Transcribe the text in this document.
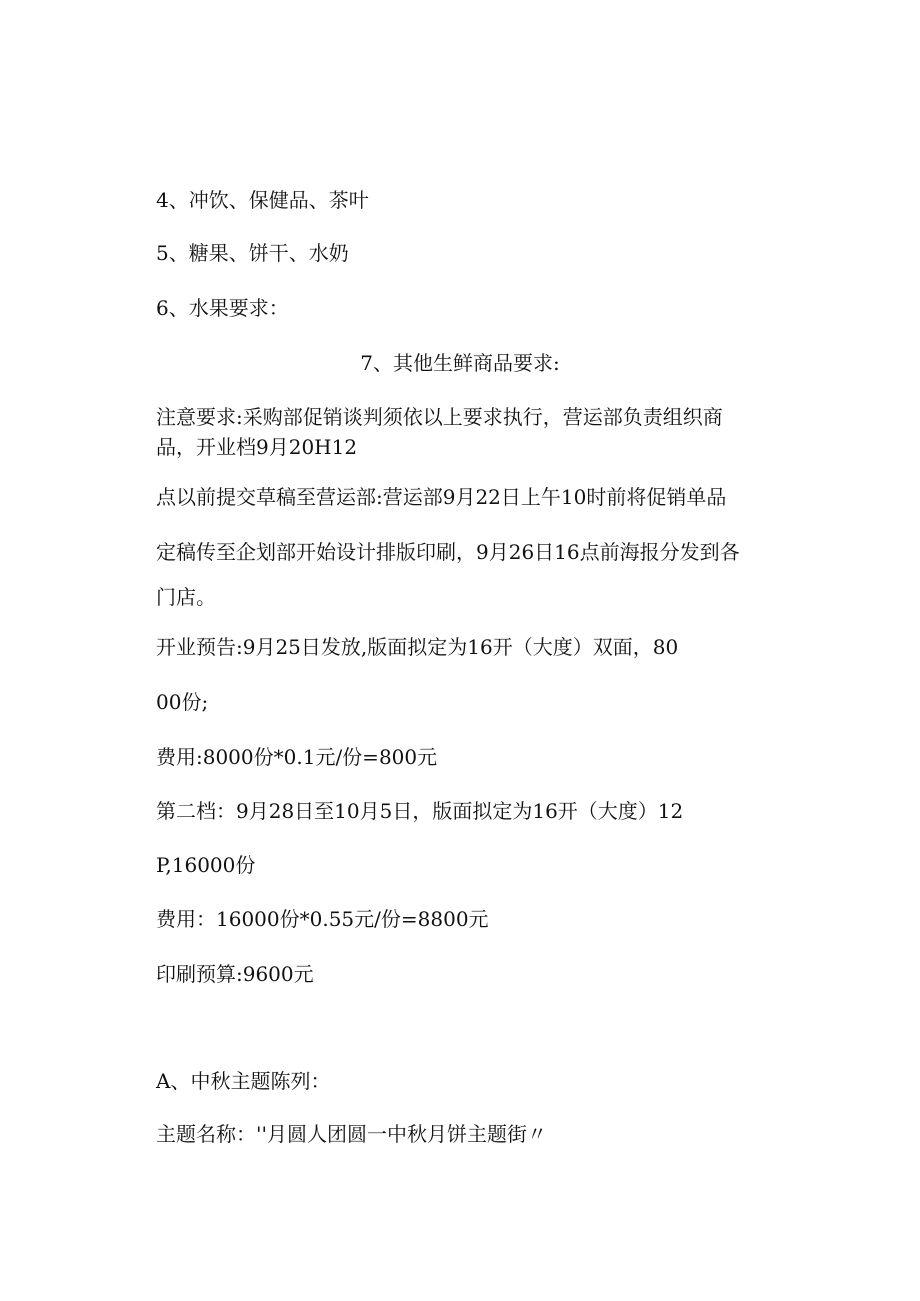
4、冲饮、保健品、茶叶
5、糖果、饼干、水奶
6、水果要求：
7、其他生鲜商品要求:
注意要求:采购部促销谈判须依以上要求执行，营运部负责组织商
品，开业档9月20H12
点以前提交草稿至营运部:营运部9月22日上午10时前将促销单品
定稿传至企划部开始设计排版印刷，9月26日16点前海报分发到各
门店。
开业预告:9月25日发放,版面拟定为16开（大度）双面，80
00份;
费用:8000份*0.1元/份=800元
第二档：9月28日至10月5日，版面拟定为16开（大度）12
P,16000份
费用：16000份*0.55元/份=8800元
印刷预算:9600元
A、中秋主题陈列：
主题名称：''月圆人团圆一中秋月饼主题街〃
